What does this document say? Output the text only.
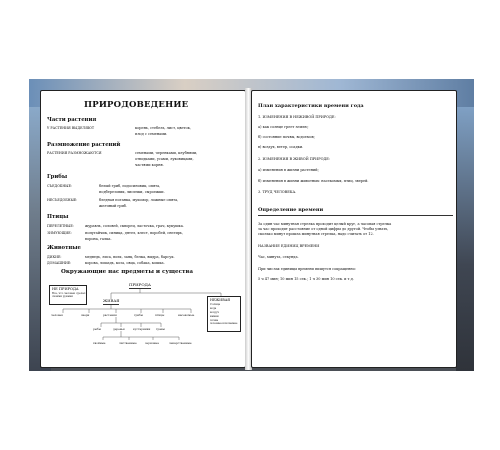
ПРИРОДОВЕДЕНИЕ
Части растения
У РАСТЕНИЯ ВЫДЕЛЯЮТ	корень, стебель, лист, цветок,
плод с семенами.
Размножение растений
РАСТЕНИЯ РАЗМНОЖАЮТСЯ	семенами, черенками, клубнями,
отводками, усами, луковицами,
частями корня.
Грибы
СЪЕДОБНЫЕ:	белый гриб, подосиновик, опята,
подберезовик, лисички, сыроежки.
НЕСЪЕДОБНЫЕ:	бледная поганка, мухомор, ложные опята,
желчный гриб.
Птицы
ПЕРЕЛЕТНЫЕ:	журавль, соловей, скворец, ласточка, грач, кукушка.
ЗИМУЮЩИЕ:	попугайчик, синица, дятел, клест, воробей, снегирь,
ворона, галка.
Животные
ДИКИЕ:	медведь, лиса, волк, заяц, белка, выдра, барсук.
ДОМАШНИЕ:	корова, лошадь, коза, овца, собака, кошка.
Окружающие нас предметы и существа
ПРИРОДА
НЕ ПРИРОДА
Все, что человек сделал своими руками
ЖИВАЯ	НЕЖИВАЯ
Солнце
вода
воздух
камни
почва
полезные ископаемые
человек	звери	растения	грибы	птицы	насекомые
рыбы	деревья	кустарники травы
хвойные	лиственные	зерновые	лекарственные
План характеристики времени года
1. ИЗМЕНЕНИЯ В НЕЖИВОЙ ПРИРОДЕ:
а) как солнце греет землю;
б) состояние почвы, водоемов;
в) воздух, ветер, осадки.
2. ИЗМЕНЕНИЯ В ЖИВОЙ ПРИРОДЕ:
а) изменения в жизни растений;
б) изменения в жизни животных: насекомых, птиц, зверей.
3. ТРУД ЧЕЛОВЕКА.
Определение времени
За один час минутная стрелка проходит целый круг, а часовая стрелка
за час проходит расстояние от одной цифры до другой. Чтобы узнать,
сколько минут прошла минутная стрелка, надо считать от 12.
НАЗВАНИЕ ЕДИНИЦ ВРЕМЕНИ
Час, минута, секунда.
При числах единицы времени пишутся сокращенно:
5 ч 47 мин; 10 мин 15 сек.; 1 ч 30 мин 10 сек. и т.д.
